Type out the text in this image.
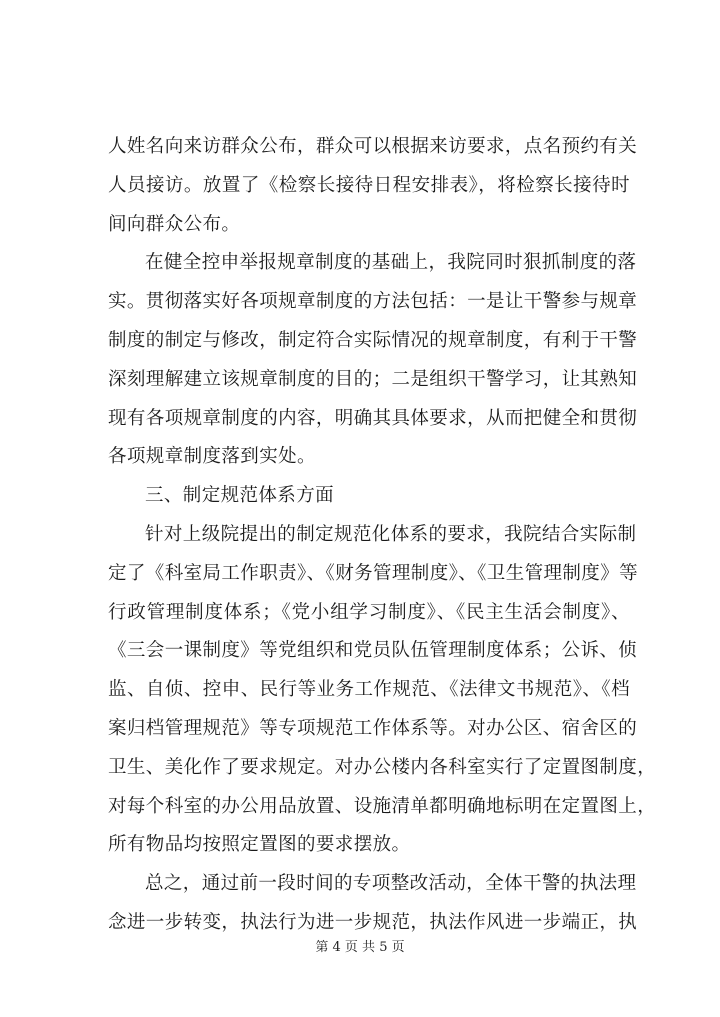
人姓名向来访群众公布，群众可以根据来访要求，点名预约有关
人员接访。放置了《检察长接待日程安排表》，将检察长接待时
间向群众公布。
在健全控申举报规章制度的基础上，我院同时狠抓制度的落
实。贯彻落实好各项规章制度的方法包括：一是让干警参与规章
制度的制定与修改，制定符合实际情况的规章制度，有利于干警
深刻理解建立该规章制度的目的；二是组织干警学习，让其熟知
现有各项规章制度的内容，明确其具体要求，从而把健全和贯彻
各项规章制度落到实处。
三、制定规范体系方面
针对上级院提出的制定规范化体系的要求，我院结合实际制
定了《科室局工作职责》、《财务管理制度》、《卫生管理制度》等
行政管理制度体系；《党小组学习制度》、《民主生活会制度》、
《三会一课制度》等党组织和党员队伍管理制度体系；公诉、侦
监、自侦、控申、民行等业务工作规范、《法律文书规范》、《档
案归档管理规范》等专项规范工作体系等。对办公区、宿舍区的
卫生、美化作了要求规定。对办公楼内各科室实行了定置图制度，
对每个科室的办公用品放置、设施清单都明确地标明在定置图上，
所有物品均按照定置图的要求摆放。
总之，通过前一段时间的专项整改活动，全体干警的执法理
念进一步转变，执法行为进一步规范，执法作风进一步端正，执
第 4 页 共 5 页
